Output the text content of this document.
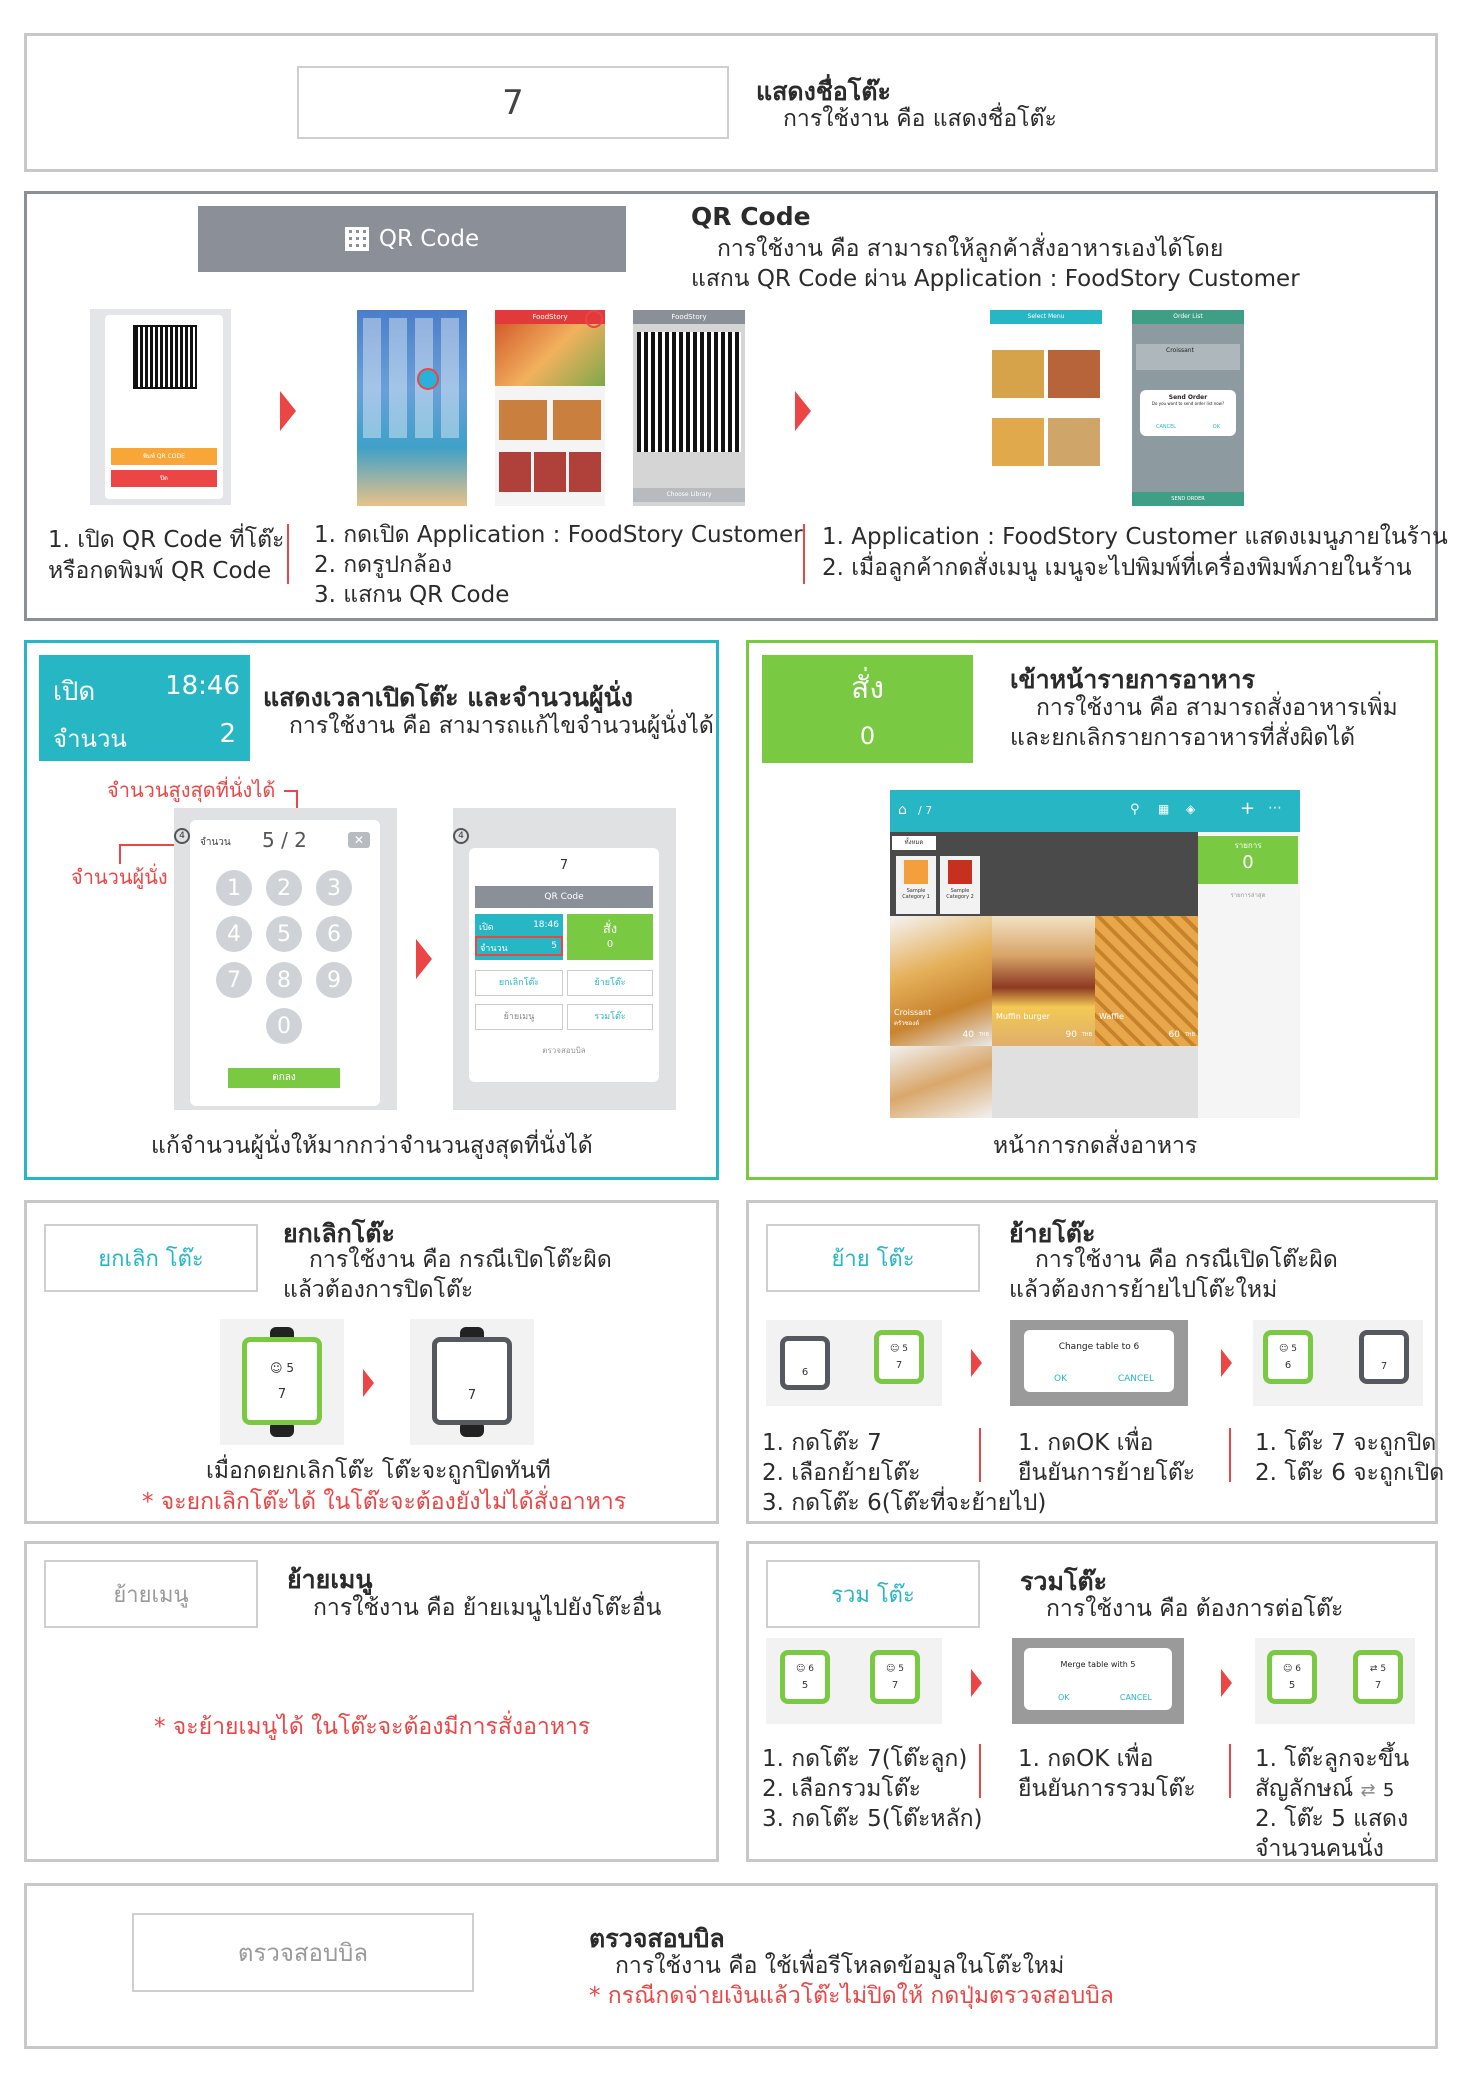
7	แสดงชื่อโต๊ะ
การใช้งาน คือ แสดงชื่อโต๊ะ
QR Code
QR Code
การใช้งาน คือ สามารถให้ลูกค้าสั่งอาหารเองได้โดย
แสกน QR Code ผ่าน Application : FoodStory Customer
พิมพ์ QR CODE
ปิด
FoodStory	FoodStory
Choose Library
Select Menu	Order List
Croissant
Send Order
Do you want to send order list now?
CANCEL	OK
SEND ORDER
1. เปิด QR Code ที่โต๊ะ
หรือกดพิมพ์ QR Code
1. กดเปิด Application : FoodStory Customer
2. กดรูปกล้อง
3. แสกน QR Code
1. Application : FoodStory Customer แสดงเมนูภายในร้าน
2. เมื่อลูกค้ากดสั่งเมนู เมนูจะไปพิมพ์ที่เครื่องพิมพ์ภายในร้าน
เปิด	18:46
จำนวน	2
แสดงเวลาเปิดโต๊ะ และจำนวนผู้นั่ง
การใช้งาน คือ สามารถแก้ไขจำนวนผู้นั่งได้
จำนวนสูงสุดที่นั่งได้
จำนวนผู้นั่ง
4
จำนวน 5 / 2	✕
1	2	3
4	5	6
7	8	9
0
ตกลง
4
7
QR Code
เปิด	18:46
จำนวน	5
สั่ง
0
ยกเลิกโต๊ะ	ย้ายโต๊ะ
ย้ายเมนู	รวมโต๊ะ
ตรวจสอบบิล
แก้จำนวนผู้นั่งให้มากกว่าจำนวนสูงสุดที่นั่งได้
สั่ง
0
เข้าหน้ารายการอาหาร
การใช้งาน คือ สามารถสั่งอาหารเพิ่ม
และยกเลิกรายการอาหารที่สั่งผิดได้
⌂ / 7	⚲ ▦ ◈ + ⋯
ทั้งหมด
Sample Category 1
Sample Category 2
รายการ
0
รายการล่าสุด
Croissant
ครัวซองต์
40 THB
Muffin burger
90 THB
Waffle
60 THB
หน้าการกดสั่งอาหาร
ยกเลิก โต๊ะ
ยกเลิกโต๊ะ
การใช้งาน คือ กรณีเปิดโต๊ะผิด
แล้วต้องการปิดโต๊ะ
☺ 5
7	7
เมื่อกดยกเลิกโต๊ะ โต๊ะจะถูกปิดทันที
* จะยกเลิกโต๊ะได้ ในโต๊ะจะต้องยังไม่ได้สั่งอาหาร
ย้าย โต๊ะ
ย้ายโต๊ะ
การใช้งาน คือ กรณีเปิดโต๊ะผิด
แล้วต้องการย้ายไปโต๊ะใหม่
6
☺ 5
7
Change table to 6
OK	CANCEL
☺ 5
6	7
1. กดโต๊ะ 7
2. เลือกย้ายโต๊ะ
3. กดโต๊ะ 6(โต๊ะที่จะย้ายไป)
1. กดOK เพื่อ
ยืนยันการย้ายโต๊ะ
1. โต๊ะ 7 จะถูกปิด
2. โต๊ะ 6 จะถูกเปิด
ย้ายเมนู
ย้ายเมนู
การใช้งาน คือ ย้ายเมนูไปยังโต๊ะอื่น
* จะย้ายเมนูได้ ในโต๊ะจะต้องมีการสั่งอาหาร
รวม โต๊ะ	รวมโต๊ะ
การใช้งาน คือ ต้องการต่อโต๊ะ
☺ 6
5
☺ 5
7
Merge table with 5
OK	CANCEL
☺ 6
5
⇄ 5
7
1. กดโต๊ะ 7(โต๊ะลูก)
2. เลือกรวมโต๊ะ
3. กดโต๊ะ 5(โต๊ะหลัก)
1. กดOK เพื่อ
ยืนยันการรวมโต๊ะ
1. โต๊ะลูกจะขึ้น
สัญลักษณ์ ⇄ 5
2. โต๊ะ 5 แสดง
จำนวนคนนั่ง
ตรวจสอบบิล	ตรวจสอบบิล
การใช้งาน คือ ใช้เพื่อรีโหลดข้อมูลในโต๊ะใหม่
* กรณีกดจ่ายเงินแล้วโต๊ะไม่ปิดให้ กดปุ่มตรวจสอบบิล
